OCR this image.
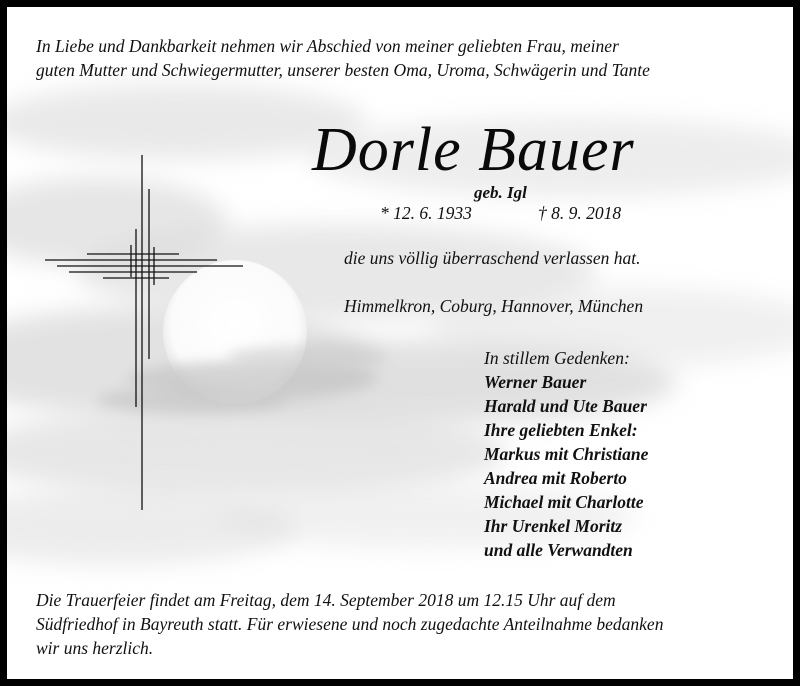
In Liebe und Dankbarkeit nehmen wir Abschied von meiner geliebten Frau, meiner
guten Mutter und Schwiegermutter, unserer besten Oma, Uroma, Schwägerin und Tante
Dorle Bauer
geb. Igl
* 12. 6. 1933	† 8. 9. 2018
die uns völlig überraschend verlassen hat.
Himmelkron, Coburg, Hannover, München
In stillem Gedenken:
Werner Bauer
Harald und Ute Bauer
Ihre geliebten Enkel:
Markus mit Christiane
Andrea mit Roberto
Michael mit Charlotte
Ihr Urenkel Moritz
und alle Verwandten
Die Trauerfeier findet am Freitag, dem 14. September 2018 um 12.15 Uhr auf dem
Südfriedhof in Bayreuth statt. Für erwiesene und noch zugedachte Anteilnahme bedanken
wir uns herzlich.
